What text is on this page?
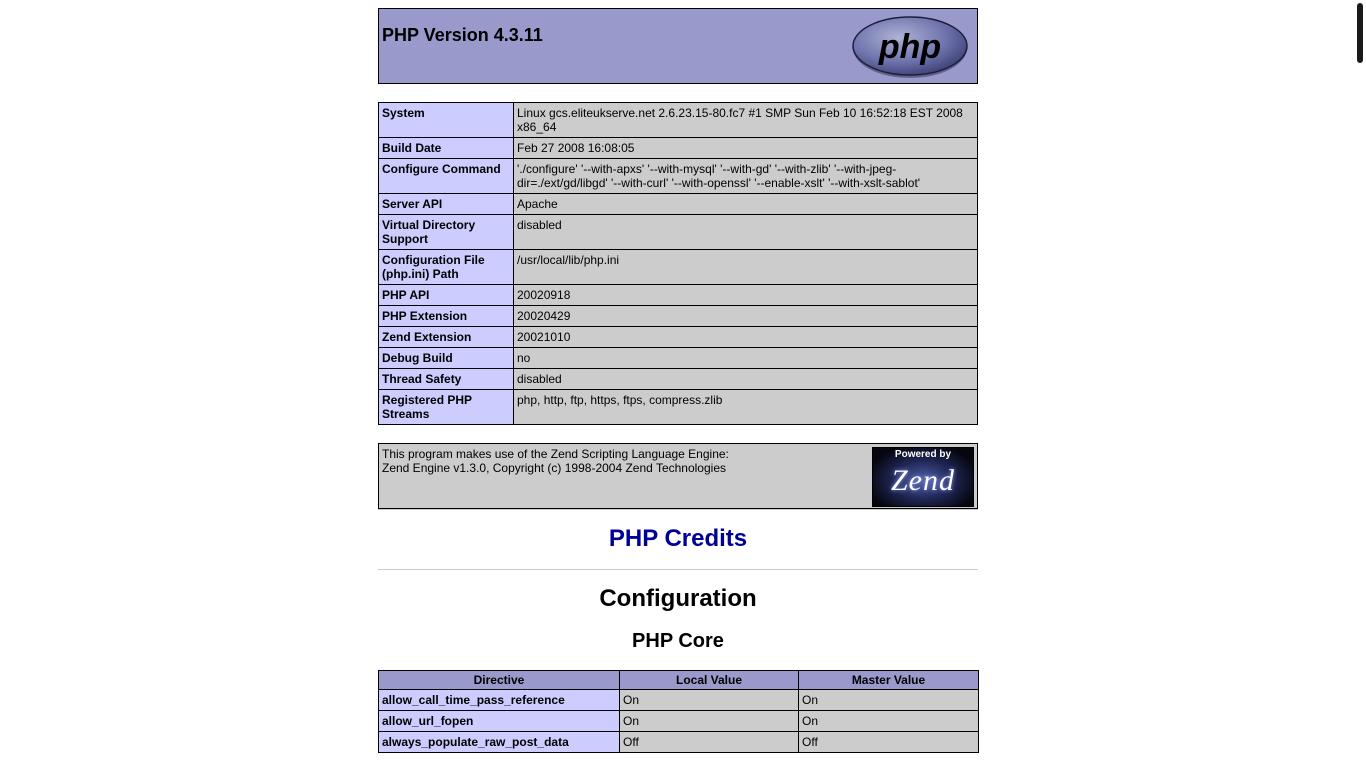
PHP Version 4.3.11	php
System	Linux gcs.eliteukserve.net 2.6.23.15-80.fc7 #1 SMP Sun Feb 10 16:52:18 EST 2008 x86_64
Build Date	Feb 27 2008 16:08:05
Configure Command	'./configure' '--with-apxs' '--with-mysql' '--with-gd' '--with-zlib' '--with-jpeg-dir=./ext/gd/libgd' '--with-curl' '--with-openssl' '--enable-xslt' '--with-xslt-sablot'
Server API	Apache
Virtual Directory Support	disabled
Configuration File (php.ini) Path	/usr/local/lib/php.ini
PHP API	20020918
PHP Extension	20020429
Zend Extension	20021010
Debug Build	no
Thread Safety	disabled
Registered PHP Streams	php, http, ftp, https, ftps, compress.zlib
This program makes use of the Zend Scripting Language Engine:
Zend Engine v1.3.0, Copyright (c) 1998-2004 Zend Technologies
Powered by
Zend
PHP Credits
Configuration
PHP Core
Directive	Local Value	Master Value
allow_call_time_pass_reference	On	On
allow_url_fopen	On	On
always_populate_raw_post_data	Off	Off
